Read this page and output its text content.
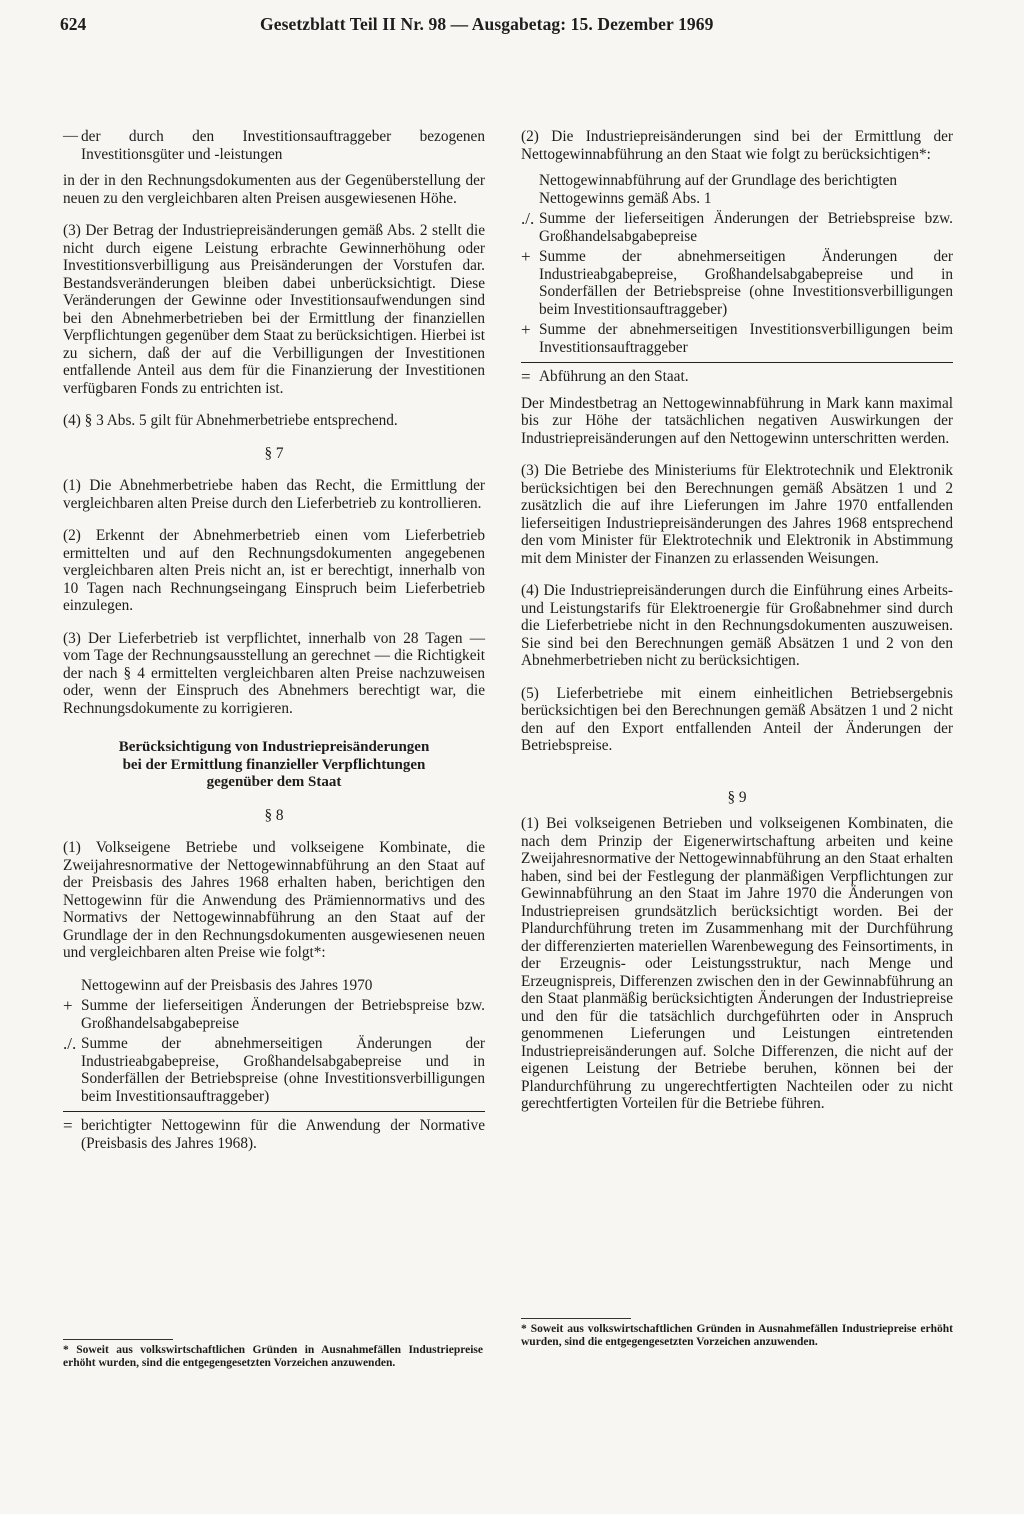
624	Gesetzblatt Teil II Nr. 98 — Ausgabetag: 15. Dezember 1969
— der durch den Investitionsauftraggeber bezogenen Investitionsgüter und -leistungen

in der in den Rechnungsdokumenten aus der Gegenüberstellung der neuen zu den vergleichbaren alten Preisen ausgewiesenen Höhe.

(3) Der Betrag der Industriepreisänderungen gemäß Abs. 2 stellt die nicht durch eigene Leistung erbrachte Gewinnerhöhung oder Investitionsverbilligung aus Preisänderungen der Vorstufen dar. Bestandsveränderungen bleiben dabei unberücksichtigt. Diese Veränderungen der Gewinne oder Investitionsaufwendungen sind bei den Abnehmerbetrieben bei der Ermittlung der finanziellen Verpflichtungen gegenüber dem Staat zu berücksichtigen. Hierbei ist zu sichern, daß der auf die Verbilligungen der Investitionen entfallende Anteil aus dem für die Finanzierung der Investitionen verfügbaren Fonds zu entrichten ist.

(4) § 3 Abs. 5 gilt für Abnehmerbetriebe entsprechend.

§ 7

(1) Die Abnehmerbetriebe haben das Recht, die Ermittlung der vergleichbaren alten Preise durch den Lieferbetrieb zu kontrollieren.

(2) Erkennt der Abnehmerbetrieb einen vom Lieferbetrieb ermittelten und auf den Rechnungsdokumenten angegebenen vergleichbaren alten Preis nicht an, ist er berechtigt, innerhalb von 10 Tagen nach Rechnungseingang Einspruch beim Lieferbetrieb einzulegen.

(3) Der Lieferbetrieb ist verpflichtet, innerhalb von 28 Tagen — vom Tage der Rechnungsausstellung an gerechnet — die Richtigkeit der nach § 4 ermittelten vergleichbaren alten Preise nachzuweisen oder, wenn der Einspruch des Abnehmers berechtigt war, die Rechnungsdokumente zu korrigieren.

Berücksichtigung von Industriepreisänderungen
bei der Ermittlung finanzieller Verpflichtungen
gegenüber dem Staat

§ 8

(1) Volkseigene Betriebe und volkseigene Kombinate, die Zweijahresnormative der Nettogewinnabführung an den Staat auf der Preisbasis des Jahres 1968 erhalten haben, berichtigen den Nettogewinn für die Anwendung des Prämiennormativs und des Normativs der Nettogewinnabführung an den Staat auf der Grundlage der in den Rechnungsdokumenten ausgewiesenen neuen und vergleichbaren alten Preise wie folgt*:

Nettogewinn auf der Preisbasis des Jahres 1970

+ Summe der lieferseitigen Änderungen der Betriebspreise bzw. Großhandelsabgabepreise
./. Summe der abnehmerseitigen Änderungen der Industrieabgabepreise, Großhandelsabgabepreise und in Sonderfällen der Betriebspreise (ohne Investitionsverbilligungen beim Investitionsauftraggeber)
= berichtigter Nettogewinn für die Anwendung der Normative (Preisbasis des Jahres 1968).

* Soweit aus volkswirtschaftlichen Gründen in Ausnahmefällen Industriepreise erhöht wurden, sind die entgegengesetzten Vorzeichen anzuwenden.

(2) Die Industriepreisänderungen sind bei der Ermittlung der Nettogewinnabführung an den Staat wie folgt zu berücksichtigen*:

Nettogewinnabführung auf der Grundlage des berichtigten Nettogewinns gemäß Abs. 1

./. Summe der lieferseitigen Änderungen der Betriebspreise bzw. Großhandelsabgabepreise
+ Summe der abnehmerseitigen Änderungen der Industrieabgabepreise, Großhandelsabgabepreise und in Sonderfällen der Betriebspreise (ohne Investitionsverbilligungen beim Investitionsauftraggeber)
+ Summe der abnehmerseitigen Investitionsverbilligungen beim Investitionsauftraggeber
= Abführung an den Staat.

Der Mindestbetrag an Nettogewinnabführung in Mark kann maximal bis zur Höhe der tatsächlichen negativen Auswirkungen der Industriepreisänderungen auf den Nettogewinn unterschritten werden.

(3) Die Betriebe des Ministeriums für Elektrotechnik und Elektronik berücksichtigen bei den Berechnungen gemäß Absätzen 1 und 2 zusätzlich die auf ihre Lieferungen im Jahre 1970 entfallenden lieferseitigen Industriepreisänderungen des Jahres 1968 entsprechend den vom Minister für Elektrotechnik und Elektronik in Abstimmung mit dem Minister der Finanzen zu erlassenden Weisungen.

(4) Die Industriepreisänderungen durch die Einführung eines Arbeits- und Leistungstarifs für Elektroenergie für Großabnehmer sind durch die Lieferbetriebe nicht in den Rechnungsdokumenten auszuweisen. Sie sind bei den Berechnungen gemäß Absätzen 1 und 2 von den Abnehmerbetrieben nicht zu berücksichtigen.

(5) Lieferbetriebe mit einem einheitlichen Betriebsergebnis berücksichtigen bei den Berechnungen gemäß Absätzen 1 und 2 nicht den auf den Export entfallenden Anteil der Änderungen der Betriebspreise.

§ 9

(1) Bei volkseigenen Betrieben und volkseigenen Kombinaten, die nach dem Prinzip der Eigenerwirtschaftung arbeiten und keine Zweijahresnormative der Nettogewinnabführung an den Staat erhalten haben, sind bei der Festlegung der planmäßigen Verpflichtungen zur Gewinnabführung an den Staat im Jahre 1970 die Änderungen von Industriepreisen grundsätzlich berücksichtigt worden. Bei der Plandurchführung treten im Zusammenhang mit der Durchführung der differenzierten materiellen Warenbewegung des Feinsortiments, in der Erzeugnis- oder Leistungsstruktur, nach Menge und Erzeugnispreis, Differenzen zwischen den in der Gewinnabführung an den Staat planmäßig berücksichtigten Änderungen der Industriepreise und den für die tatsächlich durchgeführten oder in Anspruch genommenen Lieferungen und Leistungen eintretenden Industriepreisänderungen auf. Solche Differenzen, die nicht auf der eigenen Leistung der Betriebe beruhen, können bei der Plandurchführung zu ungerechtfertigten Nachteilen oder zu nicht gerechtfertigten Vorteilen für die Betriebe führen.

* Soweit aus volkswirtschaftlichen Gründen in Ausnahmefällen Industriepreise erhöht wurden, sind die entgegengesetzten Vorzeichen anzuwenden.
